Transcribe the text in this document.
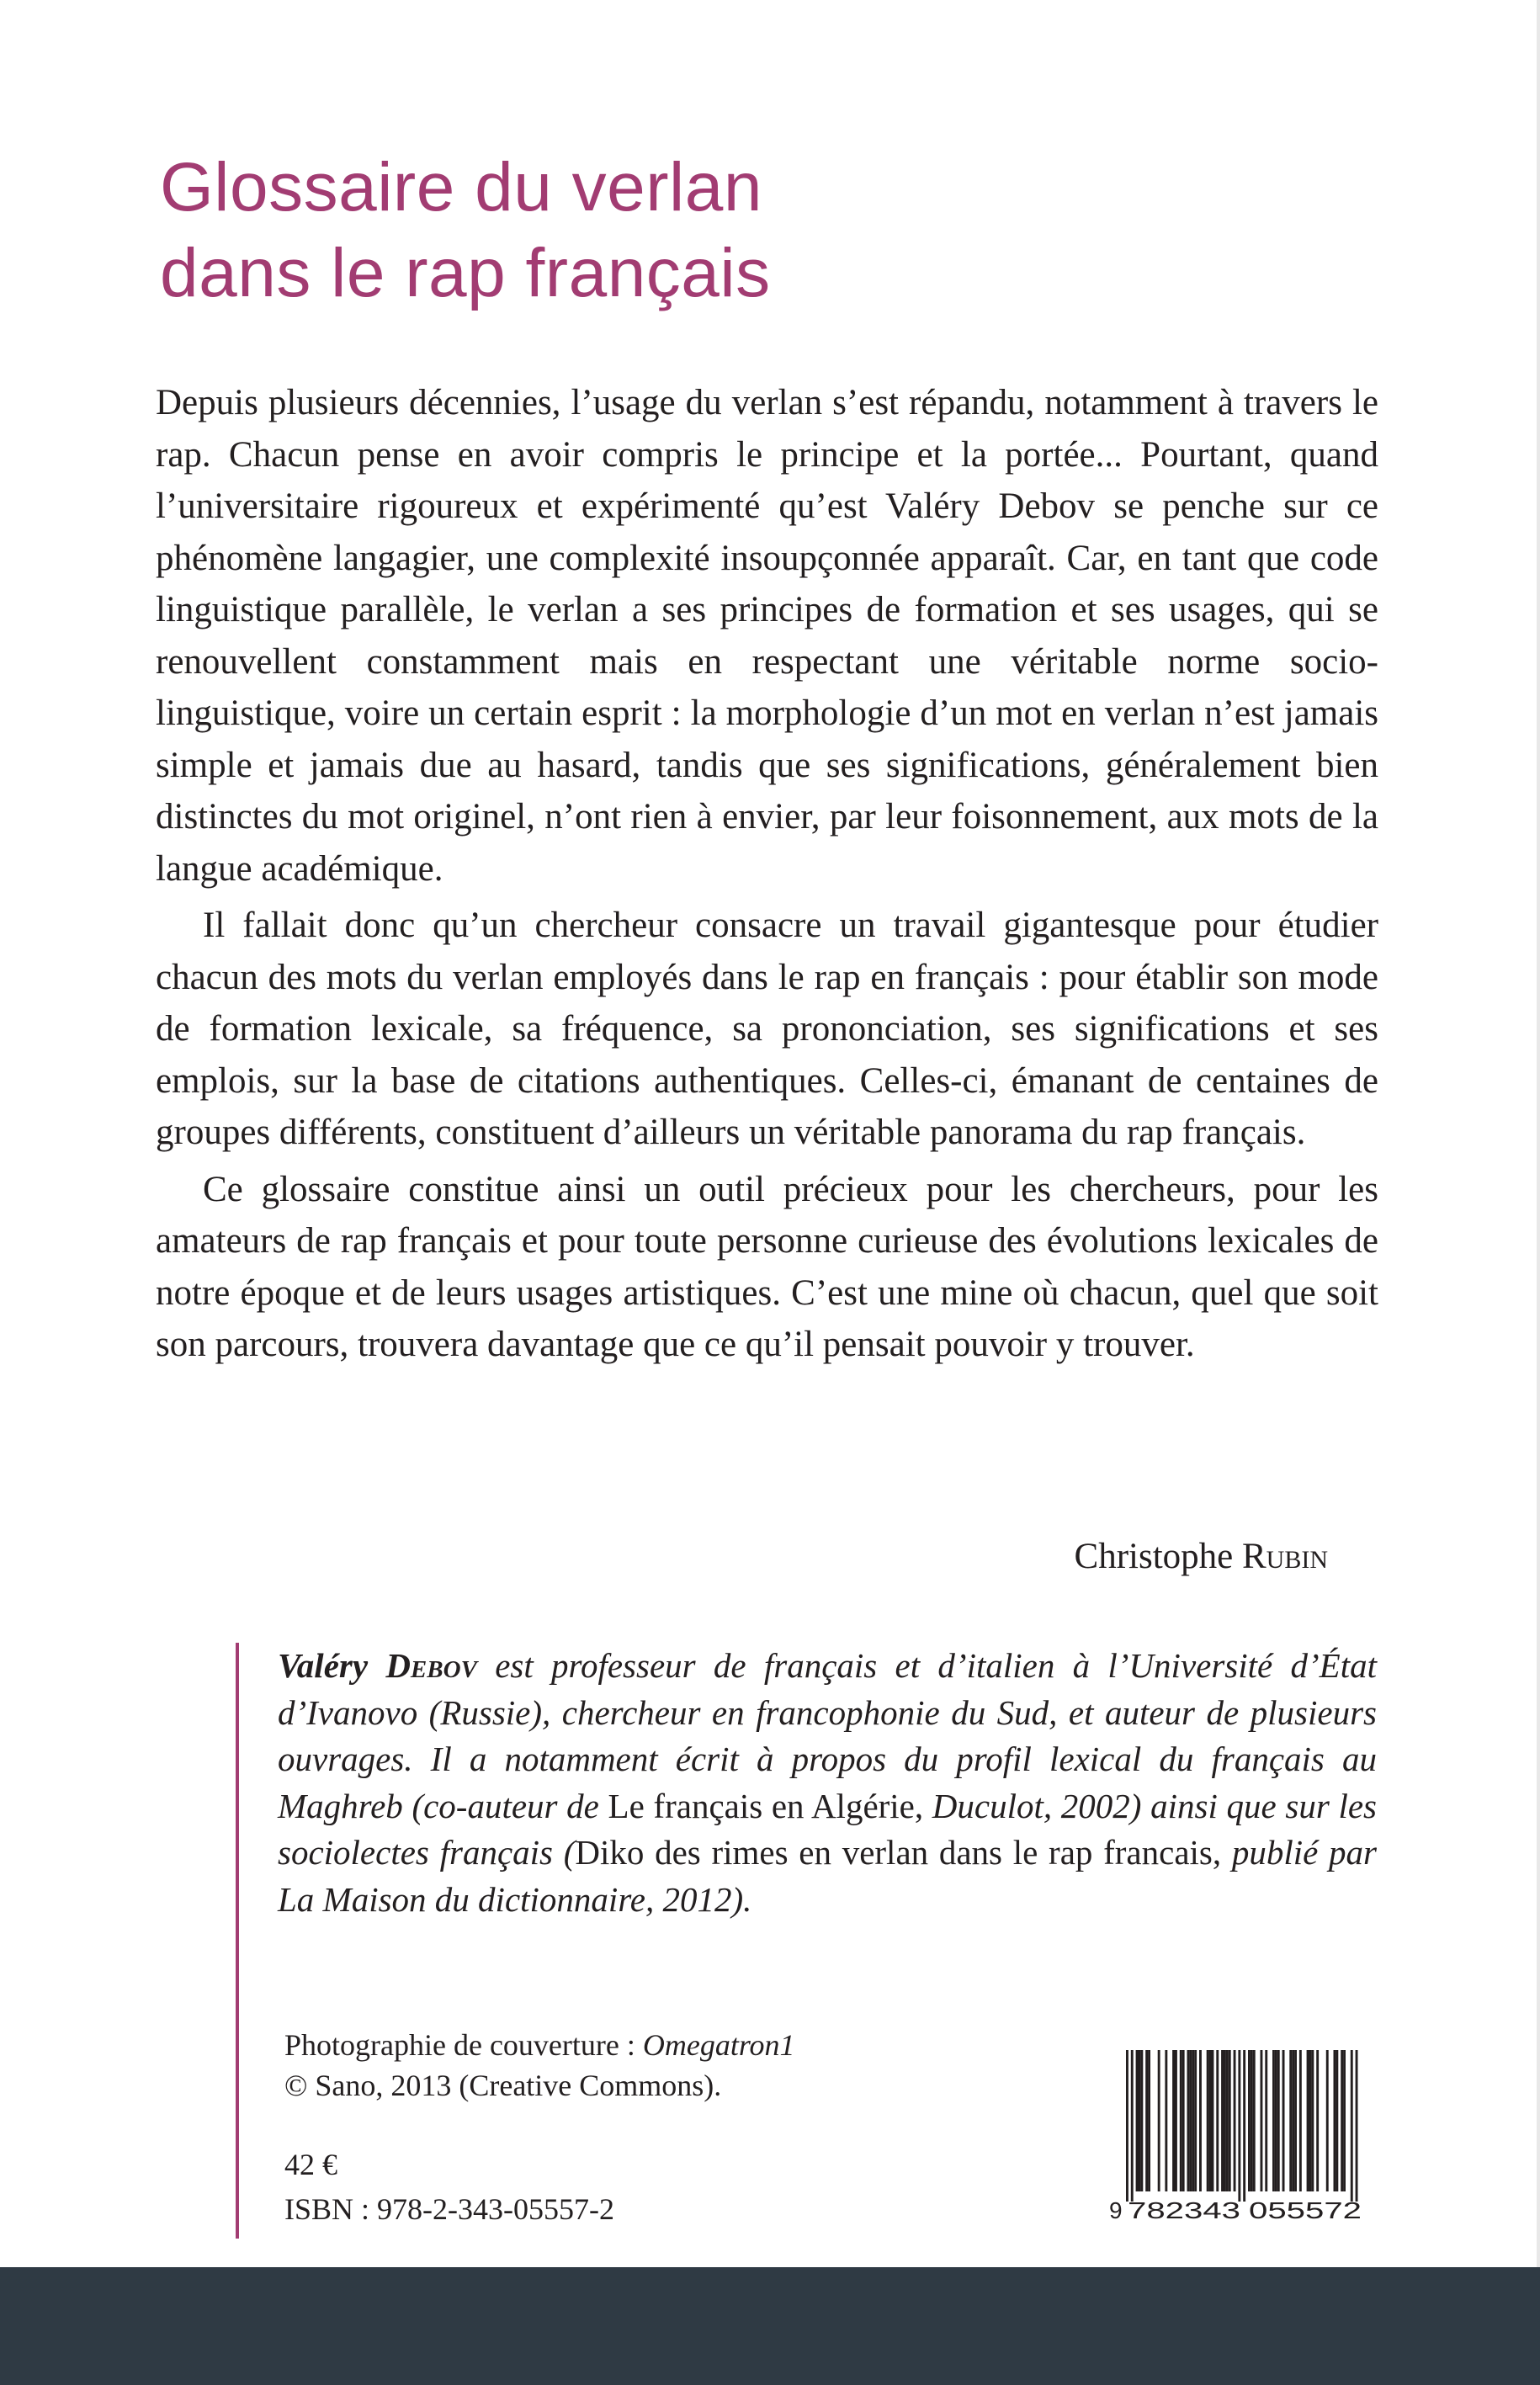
Glossaire du verlan
dans le rap français

Depuis plusieurs décennies, l’usage du verlan s’est répandu, notamment à travers le rap. Chacun pense en avoir compris le principe et la portée... Pourtant, quand l’universitaire rigoureux et expérimenté qu’est Valéry Debov se penche sur ce phénomène langagier, une complexité insoupçonnée apparaît. Car, en tant que code linguistique parallèle, le verlan a ses principes de formation et ses usages, qui se renouvellent constamment mais en respectant une véritable norme socio-linguistique, voire un certain esprit : la morphologie d’un mot en verlan n’est jamais simple et jamais due au hasard, tandis que ses significations, généralement bien distinctes du mot originel, n’ont rien à envier, par leur foisonnement, aux mots de la langue académique.

Il fallait donc qu’un chercheur consacre un travail gigantesque pour étudier chacun des mots du verlan employés dans le rap en français : pour établir son mode de formation lexicale, sa fréquence, sa prononciation, ses significations et ses emplois, sur la base de citations authentiques. Celles-ci, émanant de centaines de groupes différents, constituent d’ailleurs un véritable panorama du rap français.

Ce glossaire constitue ainsi un outil précieux pour les chercheurs, pour les amateurs de rap français et pour toute personne curieuse des évolutions lexicales de notre époque et de leurs usages artistiques. C’est une mine où chacun, quel que soit son parcours, trouvera davantage que ce qu’il pensait pouvoir y trouver.

Christophe Rubin
Valéry Debov est professeur de français et d’italien à l’Université d’État d’Ivanovo (Russie), chercheur en francophonie du Sud, et auteur de plusieurs ouvrages. Il a notamment écrit à propos du profil lexical du français au Maghreb (co-auteur de Le français en Algérie, Duculot, 2002) ainsi que sur les sociolectes français (Diko des rimes en verlan dans le rap francais, publié par La Maison du dictionnaire, 2012).
Photographie de couverture : Omegatron1
© Sano, 2013 (Creative Commons).
42 €
ISBN : 978-2-343-05557-2	9 782343 055572
